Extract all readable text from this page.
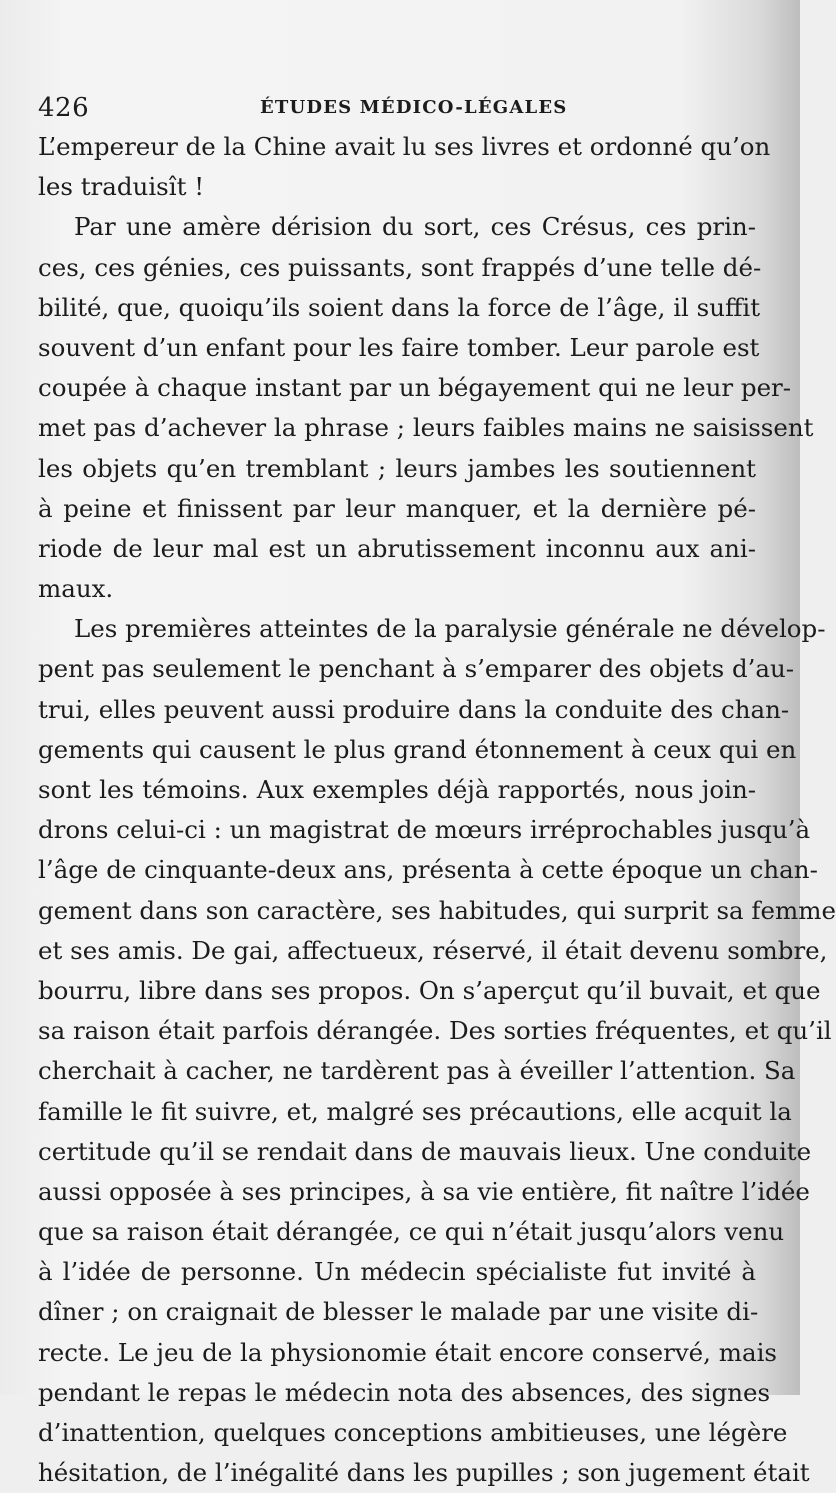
426	ÉTUDES MÉDICO-LÉGALES
L’empereur de la Chine avait lu ses livres et ordonné qu’on
les traduisît !
Par une amère dérision du sort, ces Crésus, ces prin-
ces, ces génies, ces puissants, sont frappés d’une telle dé-
bilité, que, quoiqu’ils soient dans la force de l’âge, il suffit
souvent d’un enfant pour les faire tomber. Leur parole est
coupée à chaque instant par un bégayement qui ne leur per-
met pas d’achever la phrase ; leurs faibles mains ne saisissent
les objets qu’en tremblant ; leurs jambes les soutiennent
à peine et finissent par leur manquer, et la dernière pé-
riode de leur mal est un abrutissement inconnu aux ani-
maux.
Les premières atteintes de la paralysie générale ne dévelop-
pent pas seulement le penchant à s’emparer des objets d’au-
trui, elles peuvent aussi produire dans la conduite des chan-
gements qui causent le plus grand étonnement à ceux qui en
sont les témoins. Aux exemples déjà rapportés, nous join-
drons celui-ci : un magistrat de mœurs irréprochables jusqu’à
l’âge de cinquante-deux ans, présenta à cette époque un chan-
gement dans son caractère, ses habitudes, qui surprit sa femme
et ses amis. De gai, affectueux, réservé, il était devenu sombre,
bourru, libre dans ses propos. On s’aperçut qu’il buvait, et que
sa raison était parfois dérangée. Des sorties fréquentes, et qu’il
cherchait à cacher, ne tardèrent pas à éveiller l’attention. Sa
famille le fit suivre, et, malgré ses précautions, elle acquit la
certitude qu’il se rendait dans de mauvais lieux. Une conduite
aussi opposée à ses principes, à sa vie entière, fit naître l’idée
que sa raison était dérangée, ce qui n’était jusqu’alors venu
à l’idée de personne. Un médecin spécialiste fut invité à
dîner ; on craignait de blesser le malade par une visite di-
recte. Le jeu de la physionomie était encore conservé, mais
pendant le repas le médecin nota des absences, des signes
d’inattention, quelques conceptions ambitieuses, une légère
hésitation, de l’inégalité dans les pupilles ; son jugement était
